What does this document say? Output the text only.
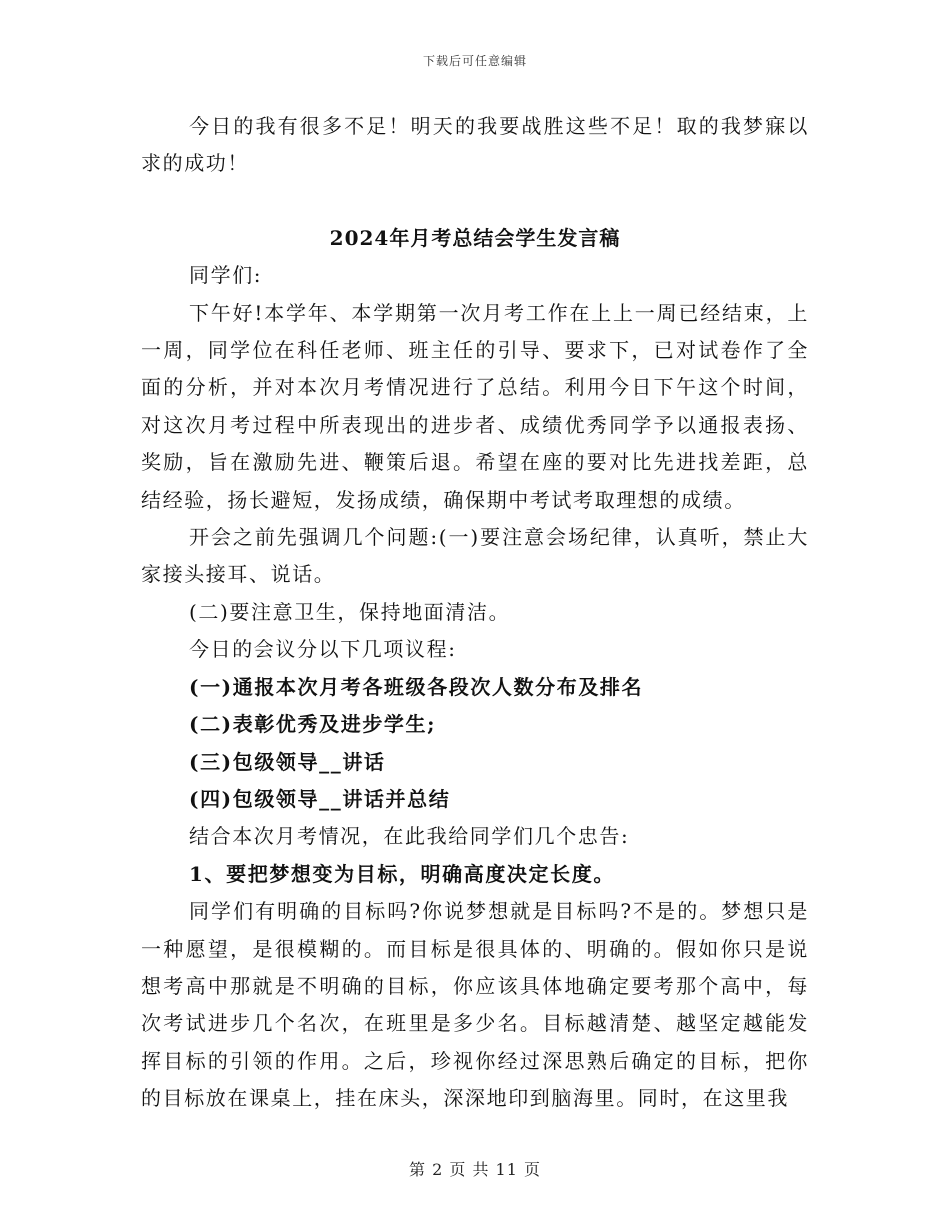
下载后可任意编辑

今日的我有很多不足！明天的我要战胜这些不足！取的我梦寐以求的成功！

2024年月考总结会学生发言稿

同学们:

下午好!本学年、本学期第一次月考工作在上上一周已经结束，上一周，同学位在科任老师、班主任的引导、要求下，已对试卷作了全面的分析，并对本次月考情况进行了总结。利用今日下午这个时间，对这次月考过程中所表现出的进步者、成绩优秀同学予以通报表扬、奖励，旨在激励先进、鞭策后退。希望在座的要对比先进找差距，总结经验，扬长避短，发扬成绩，确保期中考试考取理想的成绩。

开会之前先强调几个问题:(一)要注意会场纪律，认真听，禁止大家接头接耳、说话。

(二)要注意卫生，保持地面清洁。

今日的会议分以下几项议程:

(一)通报本次月考各班级各段次人数分布及排名

(二)表彰优秀及进步学生;

(三)包级领导__讲话

(四)包级领导__讲话并总结

结合本次月考情况，在此我给同学们几个忠告:

1、要把梦想变为目标，明确高度决定长度。

同学们有明确的目标吗?你说梦想就是目标吗?不是的。梦想只是一种愿望，是很模糊的。而目标是很具体的、明确的。假如你只是说想考高中那就是不明确的目标，你应该具体地确定要考那个高中，每次考试进步几个名次，在班里是多少名。目标越清楚、越坚定越能发挥目标的引领的作用。之后，珍视你经过深思熟后确定的目标，把你的目标放在课桌上，挂在床头，深深地印到脑海里。同时，在这里我

第 2 页 共 11 页
